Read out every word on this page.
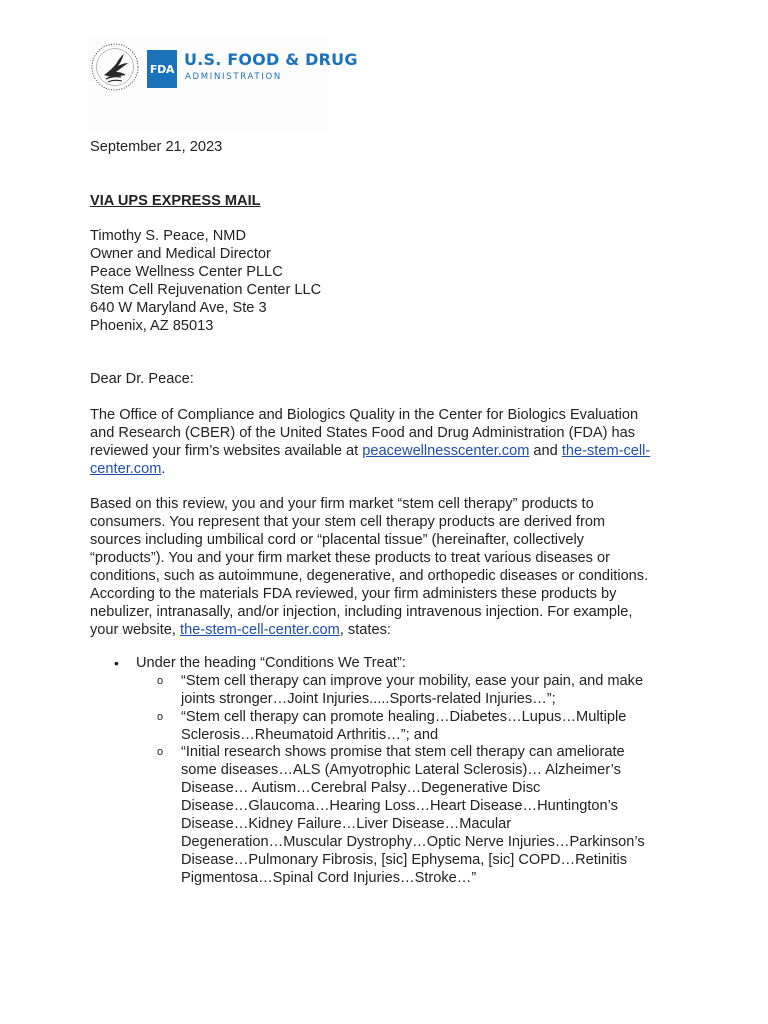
FDA U.S. FOOD & DRUG
ADMINISTRATION
September 21, 2023
VIA UPS EXPRESS MAIL
Timothy S. Peace, NMD
Owner and Medical Director
Peace Wellness Center PLLC
Stem Cell Rejuvenation Center LLC
640 W Maryland Ave, Ste 3
Phoenix, AZ 85013
Dear Dr. Peace:
The Office of Compliance and Biologics Quality in the Center for Biologics Evaluation
and Research (CBER) of the United States Food and Drug Administration (FDA) has
reviewed your firm’s websites available at peacewellnesscenter.com and the-stem-cell-
center.com.
Based on this review, you and your firm market “stem cell therapy” products to
consumers. You represent that your stem cell therapy products are derived from
sources including umbilical cord or “placental tissue” (hereinafter, collectively
“products”). You and your firm market these products to treat various diseases or
conditions, such as autoimmune, degenerative, and orthopedic diseases or conditions.
According to the materials FDA reviewed, your firm administers these products by
nebulizer, intranasally, and/or injection, including intravenous injection. For example,
your website, the-stem-cell-center.com, states:
• Under the heading “Conditions We Treat”:
o “Stem cell therapy can improve your mobility, ease your pain, and make
joints stronger…Joint Injuries.....Sports-related Injuries…”;
o “Stem cell therapy can promote healing…Diabetes…Lupus…Multiple
Sclerosis…Rheumatoid Arthritis…”; and
o “Initial research shows promise that stem cell therapy can ameliorate
some diseases…ALS (Amyotrophic Lateral Sclerosis)… Alzheimer’s
Disease… Autism…Cerebral Palsy…Degenerative Disc
Disease…Glaucoma…Hearing Loss…Heart Disease…Huntington’s
Disease…Kidney Failure…Liver Disease…Macular
Degeneration…Muscular Dystrophy…Optic Nerve Injuries…Parkinson’s
Disease…Pulmonary Fibrosis, [sic] Ephysema, [sic] COPD…Retinitis
Pigmentosa…Spinal Cord Injuries…Stroke…”
